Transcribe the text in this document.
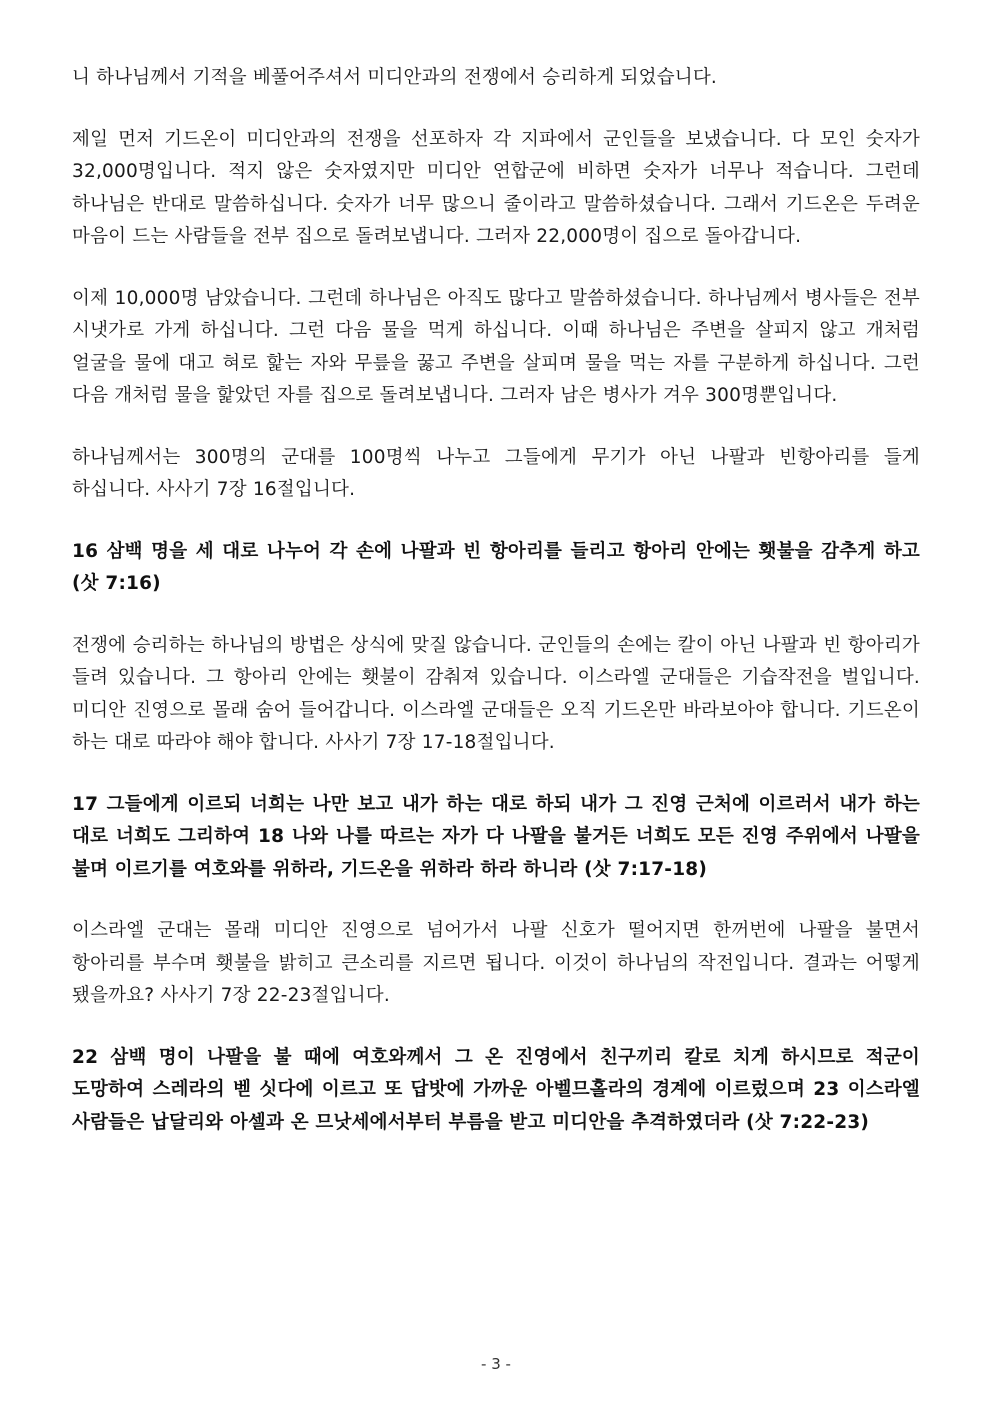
니 하나님께서 기적을 베풀어주셔서 미디안과의 전쟁에서 승리하게 되었습니다.

제일 먼저 기드온이 미디안과의 전쟁을 선포하자 각 지파에서 군인들을 보냈습니다. 다 모인 숫자가 32,000명입니다. 적지 않은 숫자였지만 미디안 연합군에 비하면 숫자가 너무나 적습니다. 그런데 하나님은 반대로 말씀하십니다. 숫자가 너무 많으니 줄이라고 말씀하셨습니다. 그래서 기드온은 두려운 마음이 드는 사람들을 전부 집으로 돌려보냅니다. 그러자 22,000명이 집으로 돌아갑니다.

이제 10,000명 남았습니다. 그런데 하나님은 아직도 많다고 말씀하셨습니다. 하나님께서 병사들은 전부 시냇가로 가게 하십니다. 그런 다음 물을 먹게 하십니다. 이때 하나님은 주변을 살피지 않고 개처럼 얼굴을 물에 대고 혀로 핥는 자와 무릎을 꿇고 주변을 살피며 물을 먹는 자를 구분하게 하십니다. 그런 다음 개처럼 물을 핥았던 자를 집으로 돌려보냅니다. 그러자 남은 병사가 겨우 300명뿐입니다.

하나님께서는 300명의 군대를 100명씩 나누고 그들에게 무기가 아닌 나팔과 빈항아리를 들게 하십니다. 사사기 7장 16절입니다.

16 삼백 명을 세 대로 나누어 각 손에 나팔과 빈 항아리를 들리고 항아리 안에는 횃불을 감추게 하고 (삿 7:16)

전쟁에 승리하는 하나님의 방법은 상식에 맞질 않습니다. 군인들의 손에는 칼이 아닌 나팔과 빈 항아리가 들려 있습니다. 그 항아리 안에는 횃불이 감춰져 있습니다. 이스라엘 군대들은 기습작전을 벌입니다. 미디안 진영으로 몰래 숨어 들어갑니다. 이스라엘 군대들은 오직 기드온만 바라보아야 합니다. 기드온이 하는 대로 따라야 해야 합니다. 사사기 7장 17-18절입니다.

17 그들에게 이르되 너희는 나만 보고 내가 하는 대로 하되 내가 그 진영 근처에 이르러서 내가 하는 대로 너희도 그리하여 18 나와 나를 따르는 자가 다 나팔을 불거든 너희도 모든 진영 주위에서 나팔을 불며 이르기를 여호와를 위하라, 기드온을 위하라 하라 하니라 (삿 7:17-18)

이스라엘 군대는 몰래 미디안 진영으로 넘어가서 나팔 신호가 떨어지면 한꺼번에 나팔을 불면서 항아리를 부수며 횃불을 밝히고 큰소리를 지르면 됩니다. 이것이 하나님의 작전입니다. 결과는 어떻게 됐을까요? 사사기 7장 22-23절입니다.

22 삼백 명이 나팔을 불 때에 여호와께서 그 온 진영에서 친구끼리 칼로 치게 하시므로 적군이 도망하여 스레라의 벧 싯다에 이르고 또 답밧에 가까운 아벨므홀라의 경계에 이르렀으며 23 이스라엘 사람들은 납달리와 아셀과 온 므낫세에서부터 부름을 받고 미디안을 추격하였더라 (삿 7:22-23)

- 3 -
